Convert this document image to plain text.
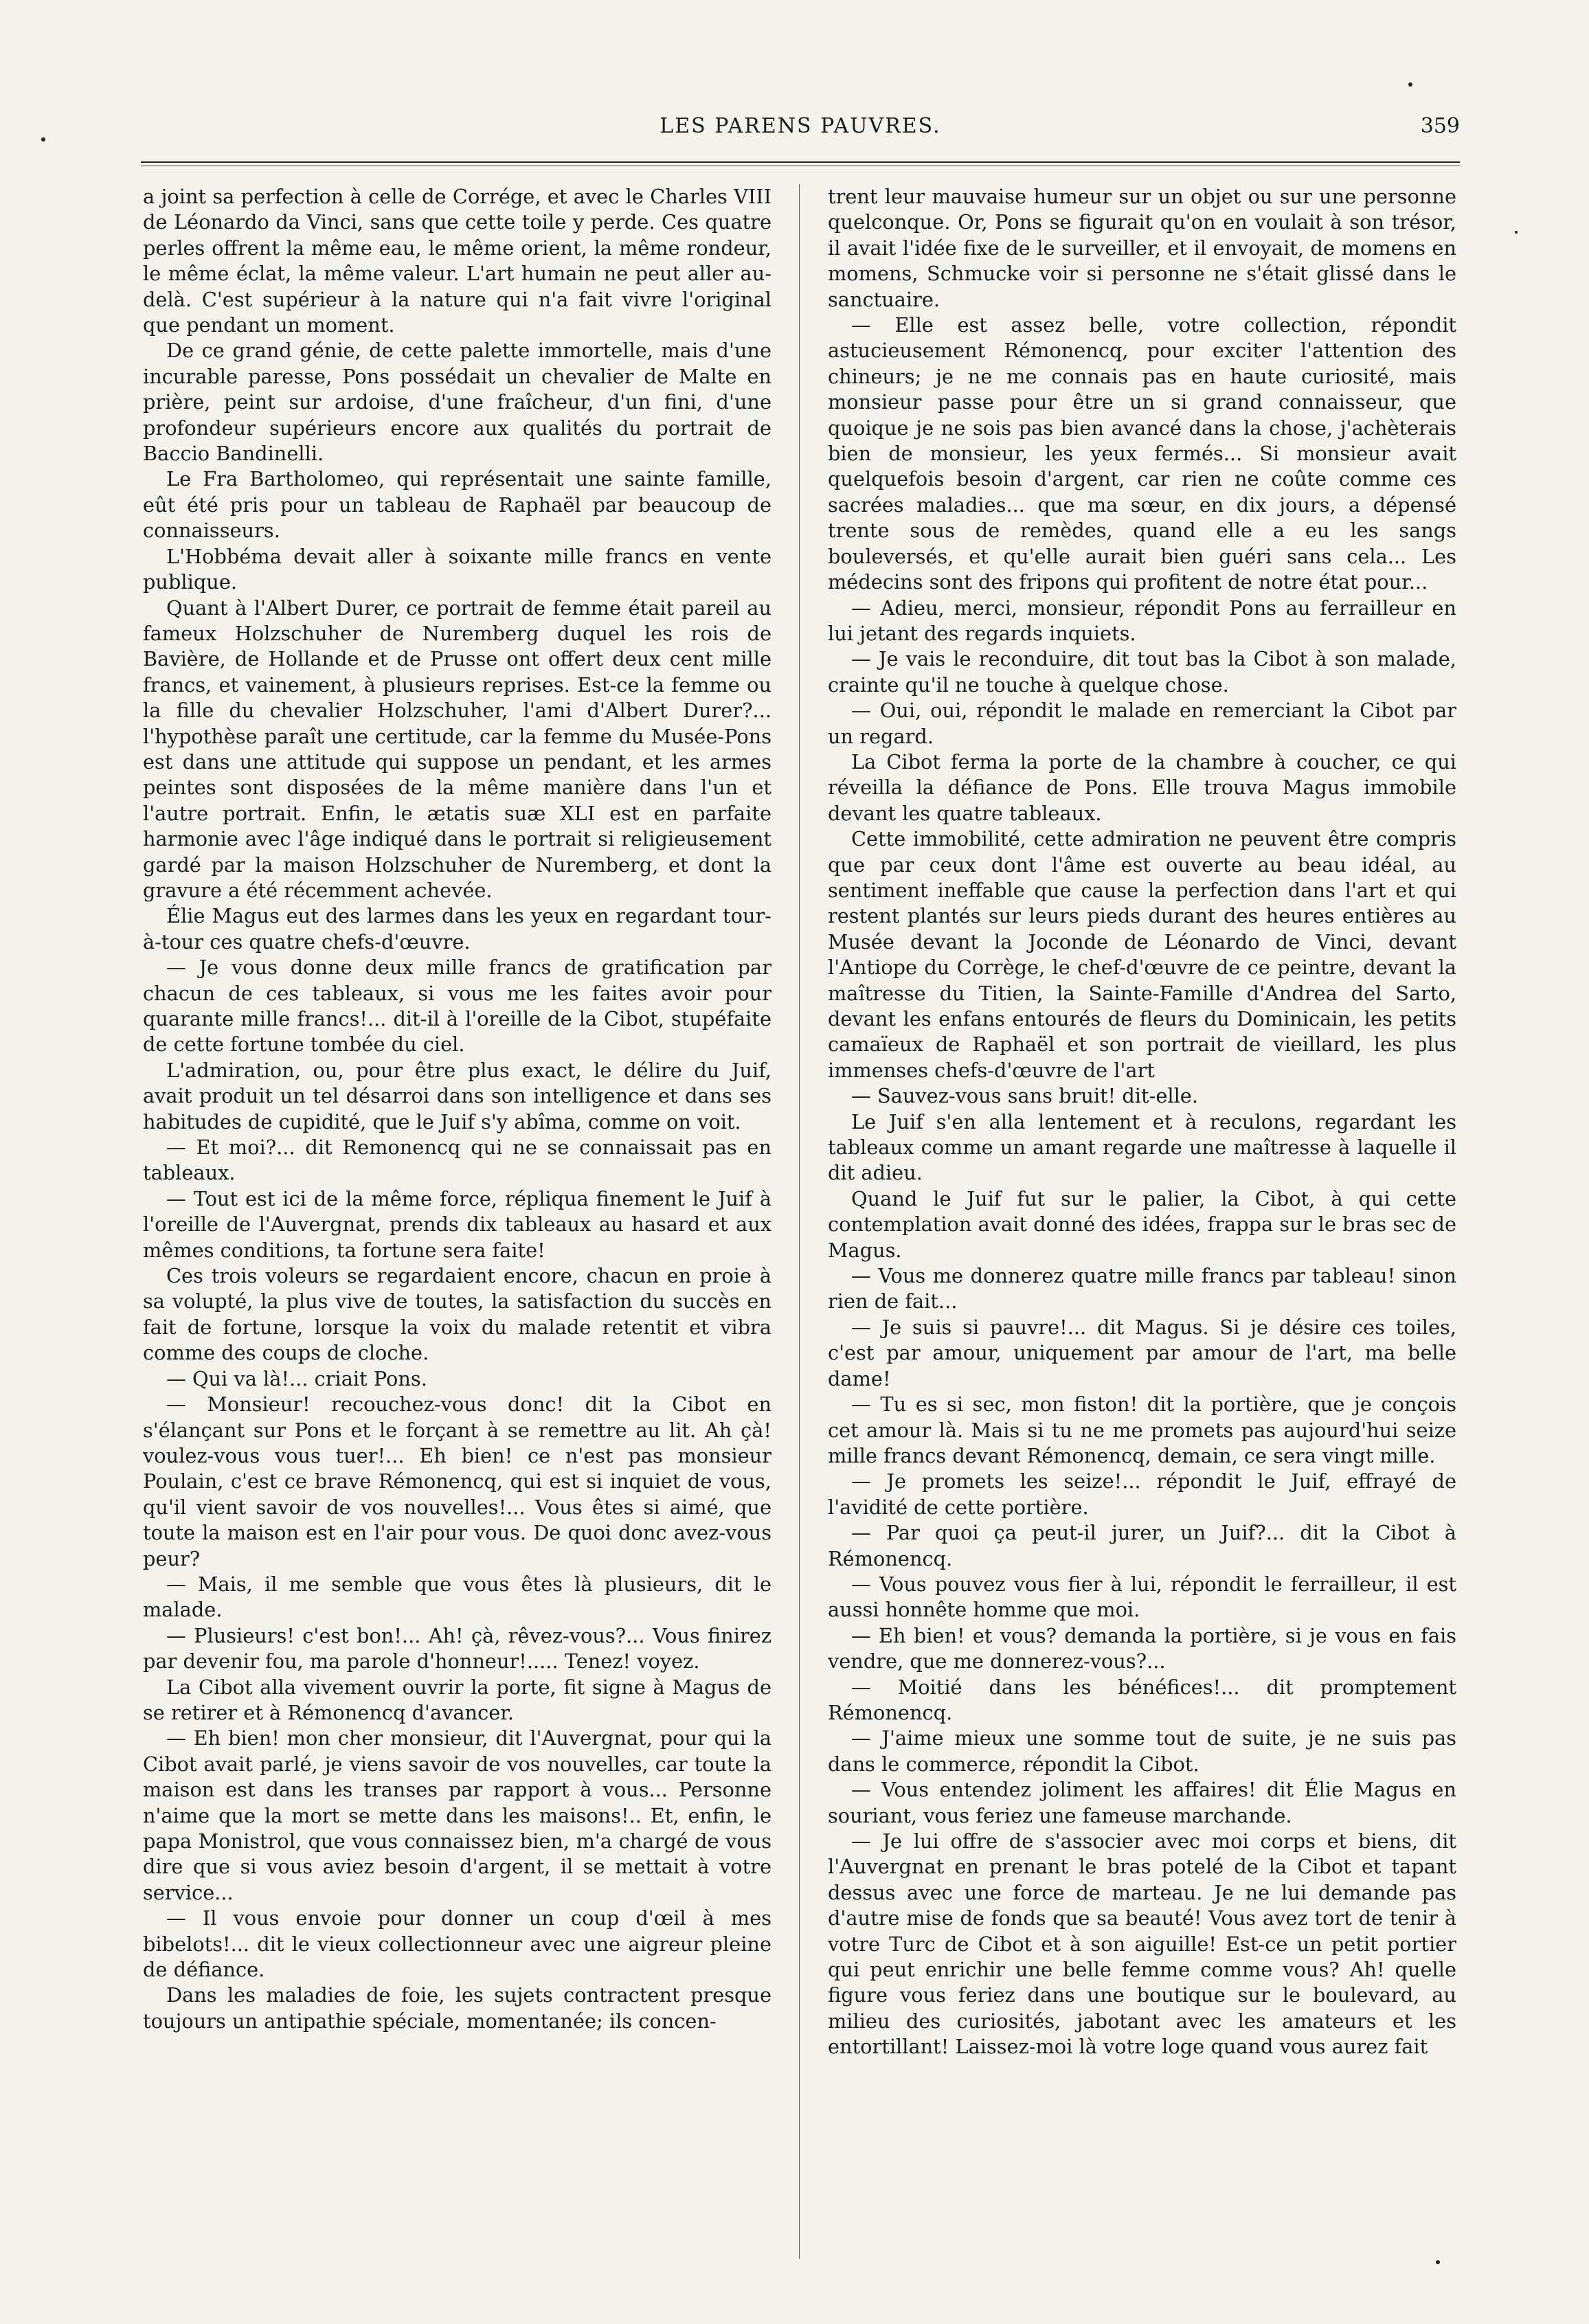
LES PARENS PAUVRES.	359

a joint sa perfection à celle de Corrége, et avec le Charles VIII de Léonardo da Vinci, sans que cette toile y perde. Ces quatre perles offrent la même eau, le même orient, la même rondeur, le même éclat, la même valeur. L'art humain ne peut aller au-delà. C'est supérieur à la nature qui n'a fait vivre l'original que pendant un moment.

De ce grand génie, de cette palette immortelle, mais d'une incurable paresse, Pons possédait un chevalier de Malte en prière, peint sur ardoise, d'une fraîcheur, d'un fini, d'une profondeur supérieurs encore aux qualités du portrait de Baccio Bandinelli.

Le Fra Bartholomeo, qui représentait une sainte famille, eût été pris pour un tableau de Raphaël par beaucoup de connaisseurs.

L'Hobbéma devait aller à soixante mille francs en vente publique.

Quant à l'Albert Durer, ce portrait de femme était pareil au fameux Holzschuher de Nuremberg duquel les rois de Bavière, de Hollande et de Prusse ont offert deux cent mille francs, et vainement, à plusieurs reprises. Est-ce la femme ou la fille du chevalier Holzschuher, l'ami d'Albert Durer?... l'hypothèse paraît une certitude, car la femme du Musée-Pons est dans une attitude qui suppose un pendant, et les armes peintes sont disposées de la même manière dans l'un et l'autre portrait. Enfin, le ætatis suæ XLI est en parfaite harmonie avec l'âge indiqué dans le portrait si religieusement gardé par la maison Holzschuher de Nuremberg, et dont la gravure a été récemment achevée.

Élie Magus eut des larmes dans les yeux en regardant tour-à-tour ces quatre chefs-d'œuvre.

— Je vous donne deux mille francs de gratification par chacun de ces tableaux, si vous me les faites avoir pour quarante mille francs!... dit-il à l'oreille de la Cibot, stupéfaite de cette fortune tombée du ciel.

L'admiration, ou, pour être plus exact, le délire du Juif, avait produit un tel désarroi dans son intelligence et dans ses habitudes de cupidité, que le Juif s'y abîma, comme on voit.

— Et moi?... dit Remonencq qui ne se connaissait pas en tableaux.

— Tout est ici de la même force, répliqua finement le Juif à l'oreille de l'Auvergnat, prends dix tableaux au hasard et aux mêmes conditions, ta fortune sera faite!

Ces trois voleurs se regardaient encore, chacun en proie à sa volupté, la plus vive de toutes, la satisfaction du succès en fait de fortune, lorsque la voix du malade retentit et vibra comme des coups de cloche.

— Qui va là!... criait Pons.

— Monsieur! recouchez-vous donc! dit la Cibot en s'élançant sur Pons et le forçant à se remettre au lit. Ah çà! voulez-vous vous tuer!... Eh bien! ce n'est pas monsieur Poulain, c'est ce brave Rémonencq, qui est si inquiet de vous, qu'il vient savoir de vos nouvelles!... Vous êtes si aimé, que toute la maison est en l'air pour vous. De quoi donc avez-vous peur?

— Mais, il me semble que vous êtes là plusieurs, dit le malade.

— Plusieurs! c'est bon!... Ah! çà, rêvez-vous?... Vous finirez par devenir fou, ma parole d'honneur!..... Tenez! voyez.

La Cibot alla vivement ouvrir la porte, fit signe à Magus de se retirer et à Rémonencq d'avancer.

— Eh bien! mon cher monsieur, dit l'Auvergnat, pour qui la Cibot avait parlé, je viens savoir de vos nouvelles, car toute la maison est dans les transes par rapport à vous... Personne n'aime que la mort se mette dans les maisons!.. Et, enfin, le papa Monistrol, que vous connaissez bien, m'a chargé de vous dire que si vous aviez besoin d'argent, il se mettait à votre service...

— Il vous envoie pour donner un coup d'œil à mes bibelots!... dit le vieux collectionneur avec une aigreur pleine de défiance.

Dans les maladies de foie, les sujets contractent presque toujours un antipathie spéciale, momentanée; ils concen-

trent leur mauvaise humeur sur un objet ou sur une personne quelconque. Or, Pons se figurait qu'on en voulait à son trésor, il avait l'idée fixe de le surveiller, et il envoyait, de momens en momens, Schmucke voir si personne ne s'était glissé dans le sanctuaire.

— Elle est assez belle, votre collection, répondit astucieusement Rémonencq, pour exciter l'attention des chineurs; je ne me connais pas en haute curiosité, mais monsieur passe pour être un si grand connaisseur, que quoique je ne sois pas bien avancé dans la chose, j'achèterais bien de monsieur, les yeux fermés... Si monsieur avait quelquefois besoin d'argent, car rien ne coûte comme ces sacrées maladies... que ma sœur, en dix jours, a dépensé trente sous de remèdes, quand elle a eu les sangs bouleversés, et qu'elle aurait bien guéri sans cela... Les médecins sont des fripons qui profitent de notre état pour...

— Adieu, merci, monsieur, répondit Pons au ferrailleur en lui jetant des regards inquiets.

— Je vais le reconduire, dit tout bas la Cibot à son malade, crainte qu'il ne touche à quelque chose.

— Oui, oui, répondit le malade en remerciant la Cibot par un regard.

La Cibot ferma la porte de la chambre à coucher, ce qui réveilla la défiance de Pons. Elle trouva Magus immobile devant les quatre tableaux.

Cette immobilité, cette admiration ne peuvent être compris que par ceux dont l'âme est ouverte au beau idéal, au sentiment ineffable que cause la perfection dans l'art et qui restent plantés sur leurs pieds durant des heures entières au Musée devant la Joconde de Léonardo de Vinci, devant l'Antiope du Corrège, le chef-d'œuvre de ce peintre, devant la maîtresse du Titien, la Sainte-Famille d'Andrea del Sarto, devant les enfans entourés de fleurs du Dominicain, les petits camaïeux de Raphaël et son portrait de vieillard, les plus immenses chefs-d'œuvre de l'art

— Sauvez-vous sans bruit! dit-elle.

Le Juif s'en alla lentement et à reculons, regardant les tableaux comme un amant regarde une maîtresse à laquelle il dit adieu.

Quand le Juif fut sur le palier, la Cibot, à qui cette contemplation avait donné des idées, frappa sur le bras sec de Magus.

— Vous me donnerez quatre mille francs par tableau! sinon rien de fait...

— Je suis si pauvre!... dit Magus. Si je désire ces toiles, c'est par amour, uniquement par amour de l'art, ma belle dame!

— Tu es si sec, mon fiston! dit la portière, que je conçois cet amour là. Mais si tu ne me promets pas aujourd'hui seize mille francs devant Rémonencq, demain, ce sera vingt mille.

— Je promets les seize!... répondit le Juif, effrayé de l'avidité de cette portière.

— Par quoi ça peut-il jurer, un Juif?... dit la Cibot à Rémonencq.

— Vous pouvez vous fier à lui, répondit le ferrailleur, il est aussi honnête homme que moi.

— Eh bien! et vous? demanda la portière, si je vous en fais vendre, que me donnerez-vous?...

— Moitié dans les bénéfices!... dit promptement Rémonencq.

— J'aime mieux une somme tout de suite, je ne suis pas dans le commerce, répondit la Cibot.

— Vous entendez joliment les affaires! dit Élie Magus en souriant, vous feriez une fameuse marchande.

— Je lui offre de s'associer avec moi corps et biens, dit l'Auvergnat en prenant le bras potelé de la Cibot et tapant dessus avec une force de marteau. Je ne lui demande pas d'autre mise de fonds que sa beauté! Vous avez tort de tenir à votre Turc de Cibot et à son aiguille! Est-ce un petit portier qui peut enrichir une belle femme comme vous? Ah! quelle figure vous feriez dans une boutique sur le boulevard, au milieu des curiosités, jabotant avec les amateurs et les entortillant! Laissez-moi là votre loge quand vous aurez fait
